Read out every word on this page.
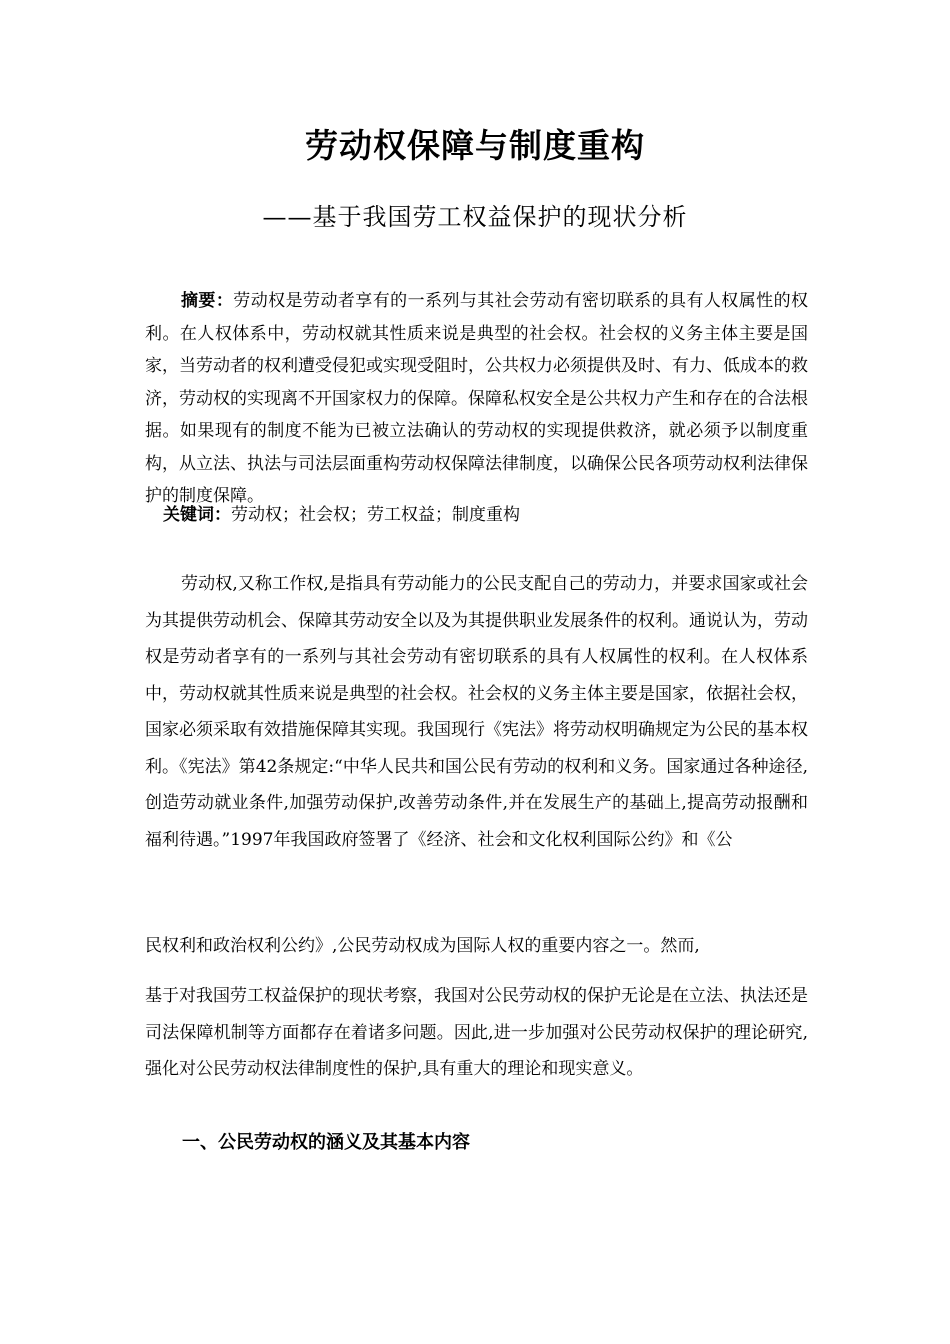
劳动权保障与制度重构
——基于我国劳工权益保护的现状分析
摘要：劳动权是劳动者享有的一系列与其社会劳动有密切联系的具有人权属性的权利。在人权体系中，劳动权就其性质来说是典型的社会权。社会权的义务主体主要是国家，当劳动者的权利遭受侵犯或实现受阻时，公共权力必须提供及时、有力、低成本的救济，劳动权的实现离不开国家权力的保障。保障私权安全是公共权力产生和存在的合法根据。如果现有的制度不能为已被立法确认的劳动权的实现提供救济，就必须予以制度重构，从立法、执法与司法层面重构劳动权保障法律制度，以确保公民各项劳动权利法律保护的制度保障。
关键词：劳动权；社会权；劳工权益；制度重构
劳动权,又称工作权,是指具有劳动能力的公民支配自己的劳动力，并要求国家或社会为其提供劳动机会、保障其劳动安全以及为其提供职业发展条件的权利。通说认为，劳动权是劳动者享有的一系列与其社会劳动有密切联系的具有人权属性的权利。在人权体系中，劳动权就其性质来说是典型的社会权。社会权的义务主体主要是国家，依据社会权，国家必须采取有效措施保障其实现。我国现行《宪法》将劳动权明确规定为公民的基本权利。《宪法》第42条规定:“中华人民共和国公民有劳动的权利和义务。国家通过各种途径,创造劳动就业条件,加强劳动保护,改善劳动条件,并在发展生产的基础上,提高劳动报酬和福利待遇。”1997年我国政府签署了《经济、社会和文化权利国际公约》和《公
民权利和政治权利公约》,公民劳动权成为国际人权的重要内容之一。然而,
基于对我国劳工权益保护的现状考察，我国对公民劳动权的保护无论是在立法、执法还是司法保障机制等方面都存在着诸多问题。因此,进一步加强对公民劳动权保护的理论研究,强化对公民劳动权法律制度性的保护,具有重大的理论和现实意义。
一、公民劳动权的涵义及其基本内容
